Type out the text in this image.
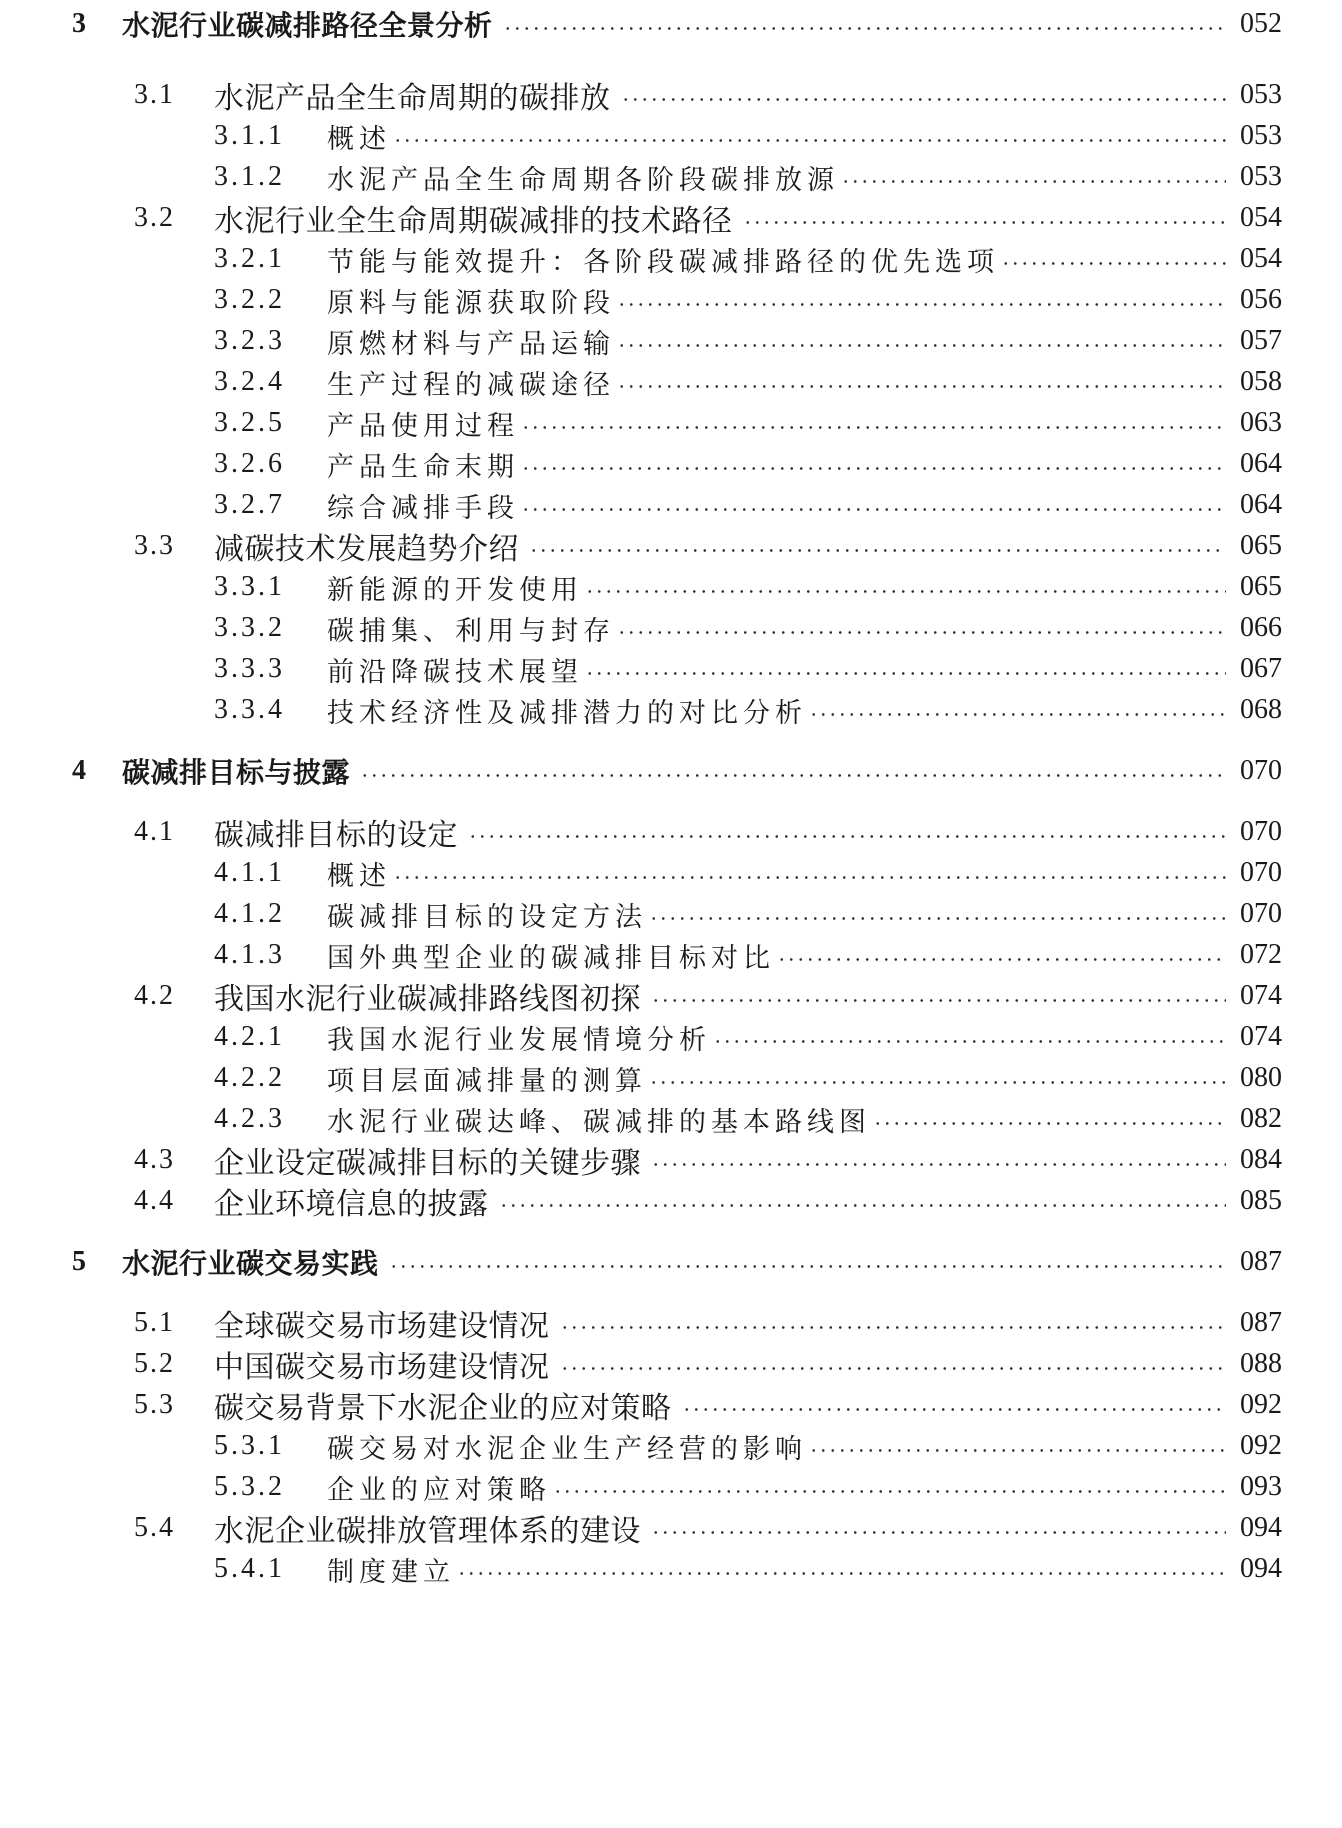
3	水泥行业碳减排路径全景分析	052
3.1	水泥产品全生命周期的碳排放	053
3.1.1	概述	053
3.1.2	水泥产品全生命周期各阶段碳排放源	053
3.2	水泥行业全生命周期碳减排的技术路径	054
3.2.1	节能与能效提升：各阶段碳减排路径的优先选项	054
3.2.2	原料与能源获取阶段	056
3.2.3	原燃材料与产品运输	057
3.2.4	生产过程的减碳途径	058
3.2.5	产品使用过程	063
3.2.6	产品生命末期	064
3.2.7	综合减排手段	064
3.3	减碳技术发展趋势介绍	065
3.3.1	新能源的开发使用	065
3.3.2	碳捕集、利用与封存	066
3.3.3	前沿降碳技术展望	067
3.3.4	技术经济性及减排潜力的对比分析	068
4	碳减排目标与披露	070
4.1	碳减排目标的设定	070
4.1.1	概述	070
4.1.2	碳减排目标的设定方法	070
4.1.3	国外典型企业的碳减排目标对比	072
4.2	我国水泥行业碳减排路线图初探	074
4.2.1	我国水泥行业发展情境分析	074
4.2.2	项目层面减排量的测算	080
4.2.3	水泥行业碳达峰、碳减排的基本路线图	082
4.3	企业设定碳减排目标的关键步骤	084
4.4	企业环境信息的披露	085
5	水泥行业碳交易实践	087
5.1	全球碳交易市场建设情况	087
5.2	中国碳交易市场建设情况	088
5.3	碳交易背景下水泥企业的应对策略	092
5.3.1	碳交易对水泥企业生产经营的影响	092
5.3.2	企业的应对策略	093
5.4	水泥企业碳排放管理体系的建设	094
5.4.1	制度建立	094
